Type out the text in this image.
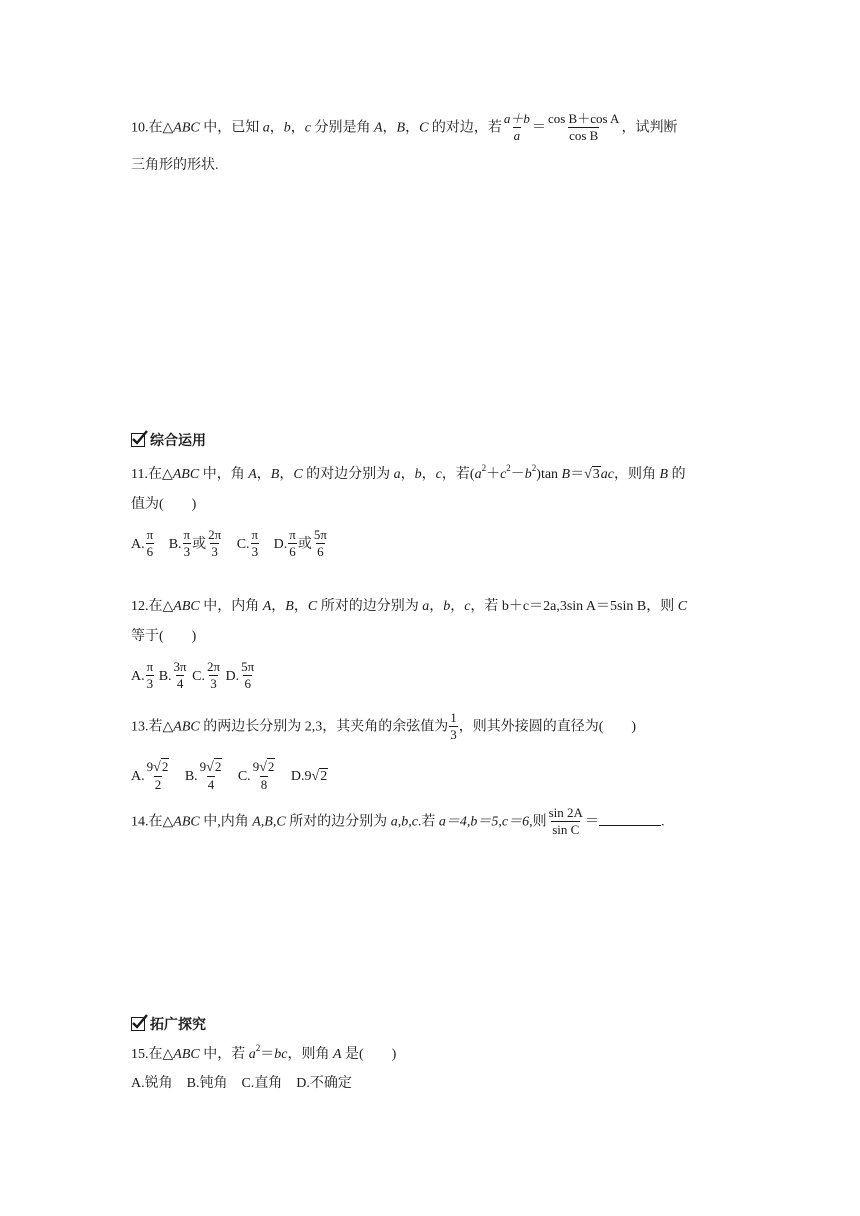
10.在△ABC 中，已知 a，b，c 分别是角 A，B，C 的对边，若 $\frac{a+b}{a} = \frac{\text{cos B＋cos A}}{\text{cos B}}$ ，试判断
三角形的形状.
综合运用
11.在△ABC 中，角 A，B，C 的对边分别为 a，b，c，若$(a^2+c^2-b^2)\tan$ B＝√3ac，则角 B 的
值为(　　)
A. $\frac{\pi}{6} B$. $\frac{\pi}{3}$ 或 $\frac{2\pi}{3} C$. $\frac{\pi}{3} D$. $\frac{\pi}{6}$ 或 $\frac{5\pi}{6}$
12.在△ABC 中，内角 A，B，C 所对的边分别为 a，b，c，若 b＋c＝2a,3sin A＝5sin B，则 C
等于(　　)
A. $\frac{\pi}{3} B$. $\frac{3\pi}{4} C$. $\frac{2\pi}{3} D$. $\frac{5\pi}{6}$
13.若△ABC 的两边长分别为 2,3，其夹角的余弦值为 $\frac{1}{3}$ ，则其外接圆的直径为(　　)
A. $\frac{9√2}{2} B$. $\frac{9√2}{4} C$. $\frac{9√2}{8} D.9√2$
14.在△ABC 中,内角 A,B,C 所对的边分别为 a,b,c.若 a＝4,b＝5,c＝6,则 $\frac{\sin 2A}{\text{sin C}}$ ＝	.
拓广探究
15.在△ABC 中，若 $a^2=bc$，则角 A 是(　　)
A.锐角　B.钝角　C.直角　D.不确定
